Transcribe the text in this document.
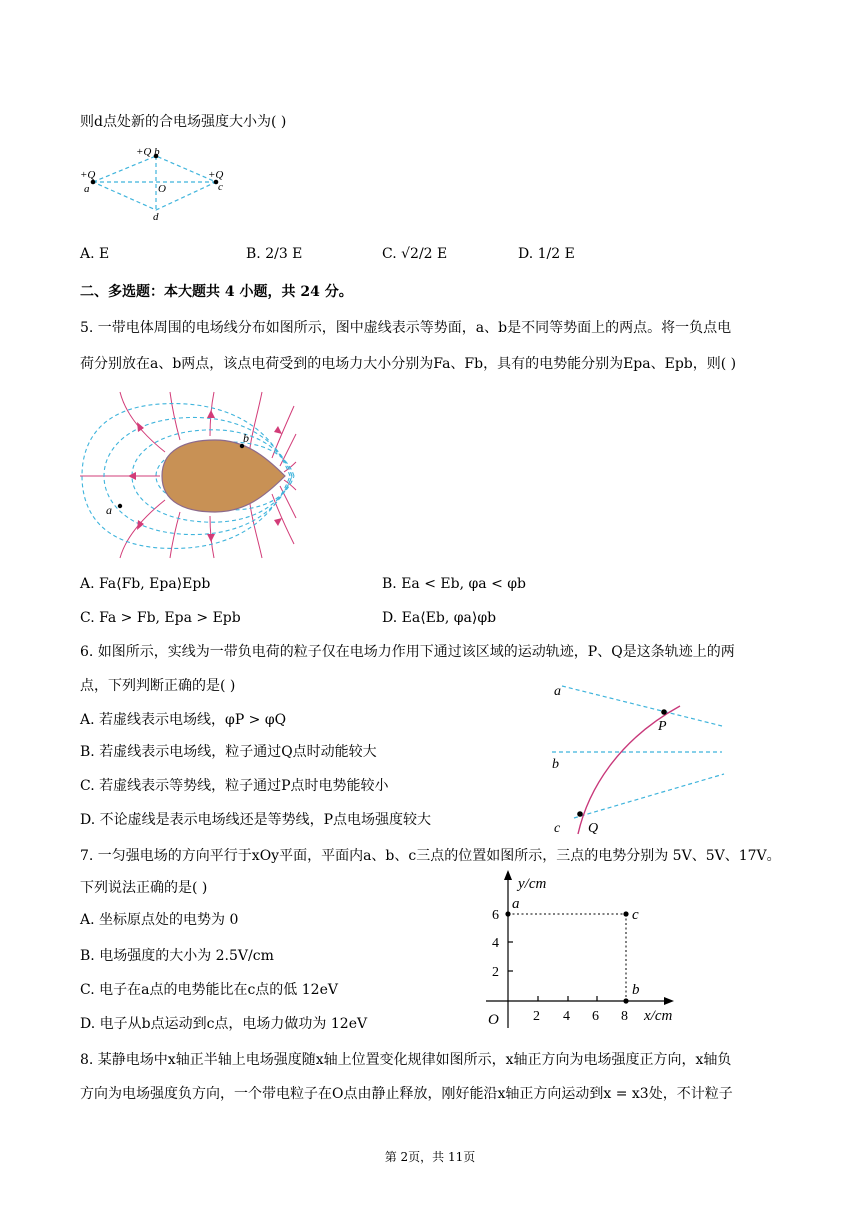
则d点处新的合电场强度大小为( )
+Q b
+Q
a
+Q
c
O
d
A. E	B. 2/3 E	C. √2/2 E	D. 1/2 E
二、多选题：本大题共 4 小题，共 24 分。
5. 一带电体周围的电场线分布如图所示，图中虚线表示等势面，a、b是不同等势面上的两点。将一负点电
荷分别放在a、b两点，该点电荷受到的电场力大小分别为Fa、Fb，具有的电势能分别为Epa、Epb，则( )
b
a
A. Fa⟨Fb, Epa⟩Epb	B. Ea < Eb, φa < φb
C. Fa > Fb, Epa > Epb	D. Ea⟨Eb, φa⟩φb
6. 如图所示，实线为一带负电荷的粒子仅在电场力作用下通过该区域的运动轨迹，P、Q是这条轨迹上的两
点，下列判断正确的是( )
A. 若虚线表示电场线，φP > φQ
B. 若虚线表示电场线，粒子通过Q点时动能较大
C. 若虚线表示等势线，粒子通过P点时电势能较小
D. 不论虚线是表示电场线还是等势线，P点电场强度较大
a
b
c
P
Q
7. 一匀强电场的方向平行于xOy平面，平面内a、b、c三点的位置如图所示，三点的电势分别为 5V、5V、17V。
下列说法正确的是( )
A. 坐标原点处的电势为 0
B. 电场强度的大小为 2.5V/cm
C. 电子在a点的电势能比在c点的低 12eV
D. 电子从b点运动到c点，电场力做功为 12eV
y/cm
x/cm
O 2 4 6 8
2
4
6
a
c
b
8. 某静电场中x轴正半轴上电场强度随x轴上位置变化规律如图所示，x轴正方向为电场强度正方向，x轴负
方向为电场强度负方向，一个带电粒子在O点由静止释放，刚好能沿x轴正方向运动到x = x3处，不计粒子
第 2页，共 11页
